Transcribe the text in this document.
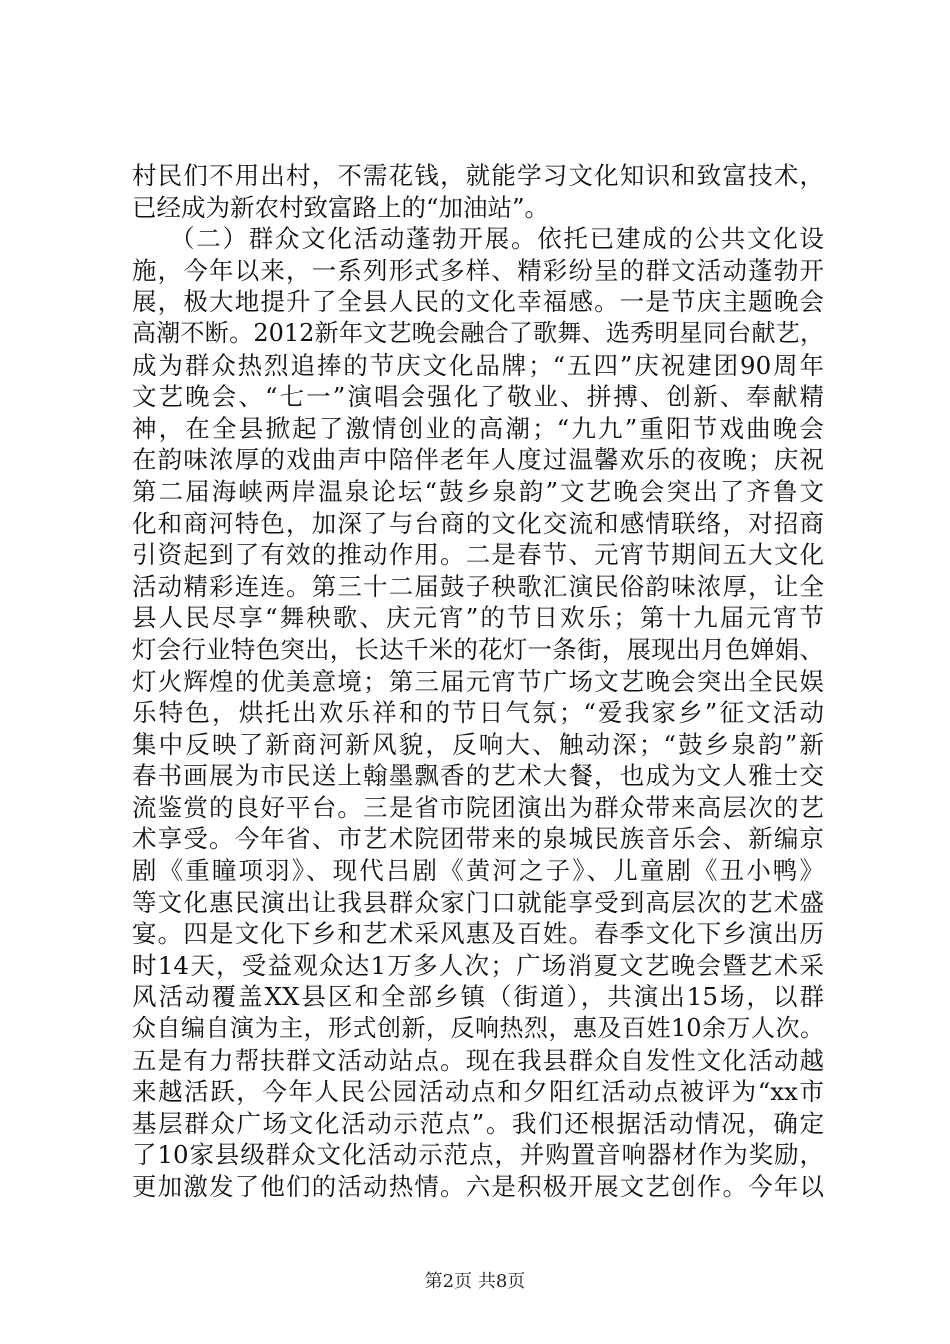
村民们不用出村，不需花钱，就能学习文化知识和致富技术，
已经成为新农村致富路上的“加油站”。
（二）群众文化活动蓬勃开展。依托已建成的公共文化设
施，今年以来，一系列形式多样、精彩纷呈的群文活动蓬勃开
展，极大地提升了全县人民的文化幸福感。一是节庆主题晚会
高潮不断。2012新年文艺晚会融合了歌舞、选秀明星同台献艺，
成为群众热烈追捧的节庆文化品牌；“五四”庆祝建团90周年
文艺晚会、“七一”演唱会强化了敬业、拼搏、创新、奉献精
神，在全县掀起了激情创业的高潮；“九九”重阳节戏曲晚会
在韵味浓厚的戏曲声中陪伴老年人度过温馨欢乐的夜晚；庆祝
第二届海峡两岸温泉论坛“鼓乡泉韵”文艺晚会突出了齐鲁文
化和商河特色，加深了与台商的文化交流和感情联络，对招商
引资起到了有效的推动作用。二是春节、元宵节期间五大文化
活动精彩连连。第三十二届鼓子秧歌汇演民俗韵味浓厚，让全
县人民尽享“舞秧歌、庆元宵”的节日欢乐；第十九届元宵节
灯会行业特色突出，长达千米的花灯一条街，展现出月色婵娟、
灯火辉煌的优美意境；第三届元宵节广场文艺晚会突出全民娱
乐特色，烘托出欢乐祥和的节日气氛；“爱我家乡”征文活动
集中反映了新商河新风貌，反响大、触动深；“鼓乡泉韵”新
春书画展为市民送上翰墨飘香的艺术大餐，也成为文人雅士交
流鉴赏的良好平台。三是省市院团演出为群众带来高层次的艺
术享受。今年省、市艺术院团带来的泉城民族音乐会、新编京
剧《重瞳项羽》、现代吕剧《黄河之子》、儿童剧《丑小鸭》
等文化惠民演出让我县群众家门口就能享受到高层次的艺术盛
宴。四是文化下乡和艺术采风惠及百姓。春季文化下乡演出历
时14天，受益观众达1万多人次；广场消夏文艺晚会暨艺术采
风活动覆盖XX县区和全部乡镇（街道），共演出15场，以群
众自编自演为主，形式创新，反响热烈，惠及百姓10余万人次。
五是有力帮扶群文活动站点。现在我县群众自发性文化活动越
来越活跃，今年人民公园活动点和夕阳红活动点被评为“xx市
基层群众广场文化活动示范点”。我们还根据活动情况，确定
了10家县级群众文化活动示范点，并购置音响器材作为奖励，
更加激发了他们的活动热情。六是积极开展文艺创作。今年以
第2页 共8页
